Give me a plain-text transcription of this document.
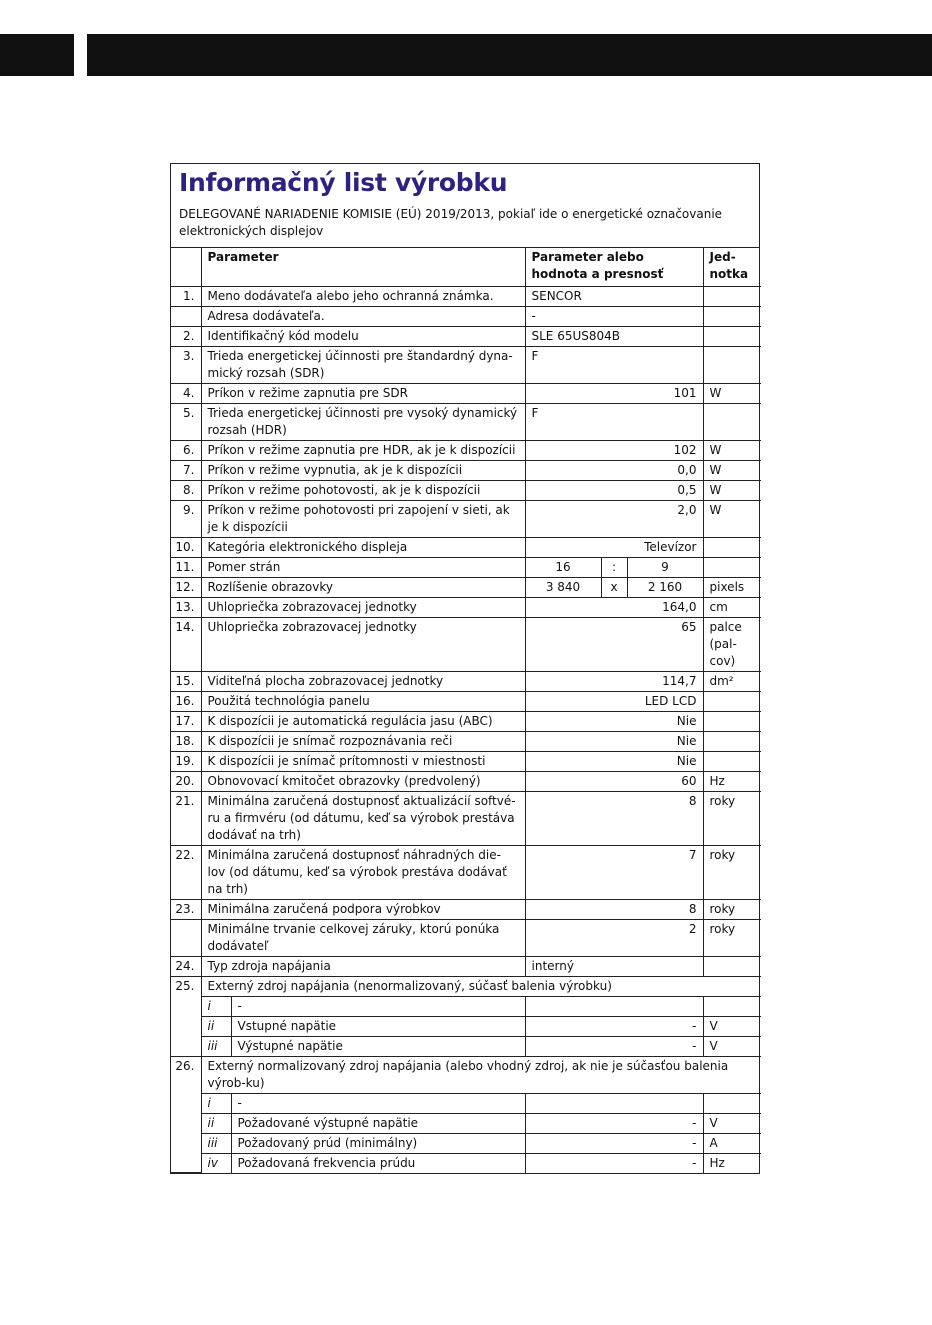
Informačný list výrobku
DELEGOVANÉ NARIADENIE KOMISIE (EÚ) 2019/2013, pokiaľ ide o energetické označovanie elektronických displejov
	Parameter		Parameter alebo hodnota a presnosť			Jed-notka
1.	Meno dodávateľa alebo jeho ochranná známka.		SENCOR			
	Adresa dodávateľa.		-			
2.	Identifikačný kód modelu		SLE 65US804B			
3.	Trieda energetickej účinnosti pre štandardný dyna-mický rozsah (SDR)		F			
4.	Príkon v režime zapnutia pre SDR		101			W
5.	Trieda energetickej účinnosti pre vysoký dynamický rozsah (HDR)		F			
6.	Príkon v režime zapnutia pre HDR, ak je k dispozícii		102			W
7.	Príkon v režime vypnutia, ak je k dispozícii		0,0			W
8.	Príkon v režime pohotovosti, ak je k dispozícii		0,5			W
9.	Príkon v režime pohotovosti pri zapojení v sieti, ak je k dispozícii		2,0			W
10.	Kategória elektronického displeja		Televízor			
11.	Pomer strán		16	:	9	
12.	Rozlíšenie obrazovky		3 840	x	2 160	pixels
13.	Uhlopriečka zobrazovacej jednotky		164,0			cm
14.	Uhlopriečka zobrazovacej jednotky		65			palce (pal-cov)
15.	Viditeľná plocha zobrazovacej jednotky		114,7			dm²
16.	Použitá technológia panelu		LED LCD			
17.	K dispozícii je automatická regulácia jasu (ABC)		Nie			
18.	K dispozícii je snímač rozpoznávania reči		Nie			
19.	K dispozícii je snímač prítomnosti v miestnosti		Nie			
20.	Obnovovací kmitočet obrazovky (predvolený)		60			Hz
21.	Minimálna zaručená dostupnosť aktualizácií softvé-ru a firmvéru (od dátumu, keď sa výrobok prestáva dodávať na trh)		8			roky
22.	Minimálna zaručená dostupnosť náhradných die-lov (od dátumu, keď sa výrobok prestáva dodávať na trh)		7			roky
23.	Minimálna zaručená podpora výrobkov		8			roky
	Minimálne trvanie celkovej záruky, ktorú ponúka dodávateľ		2			roky
24.	Typ zdroja napájania		interný			
25.	Externý zdroj napájania (nenormalizovaný, súčasť balenia výrobku)					
	i	-				
	ii	Vstupné napätie	-			V
	iii	Výstupné napätie	-			V
26.	Externý normalizovaný zdroj napájania (alebo vhodný zdroj, ak nie je súčasťou balenia výrob-ku)					
	i	-				
	ii	Požadované výstupné napätie	-			V
	iii	Požadovaný prúd (minimálny)	-			A
	iv	Požadovaná frekvencia prúdu	-			Hz
